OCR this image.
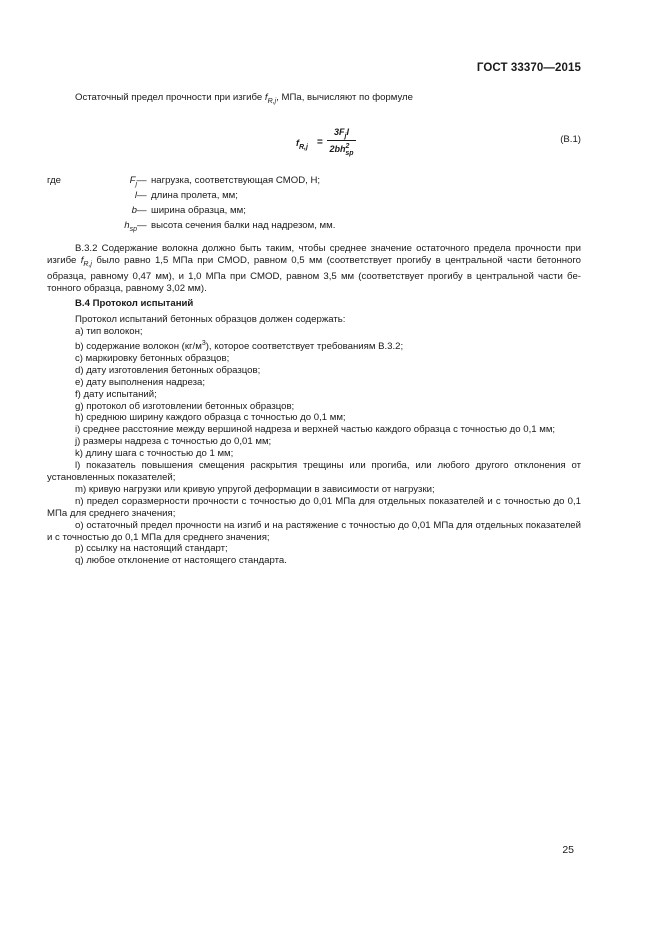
ГОСТ 33370—2015
Остаточный предел прочности при изгибе $f_{R,j}$, МПа, вычисляют по формуле
$f_{R,j}$ =
$3F_jl$
$2bh^2_{sp}$
(В.1)
где	$F_j$ — нагрузка, соответствующая CMOD, Н;
l — длина пролета, мм;
b — ширина образца, мм;
$h_{sp}$ — высота сечения балки над надрезом, мм.
В.3.2 Содержание волокна должно быть таким, чтобы среднее значение остаточного предела прочности при изгибе $f_{R,j}$ было равно 1,5 МПа при CMOD, равном 0,5 мм (соответствует прогибу в центральной части бетонного образца, равному 0,47 мм), и 1,0 МПа при CMOD, равном 3,5 мм (соответствует прогибу в центральной части бетонного образца, равному 3,02 мм).
В.4 Протокол испытаний
Протокол испытаний бетонных образцов должен содержать:
a) тип волокон;
b) содержание волокон $(кг/м^3)$, которое соответствует требованиям В.3.2;
c) маркировку бетонных образцов;
d) дату изготовления бетонных образцов;
e) дату выполнения надреза;
f) дату испытаний;
g) протокол об изготовлении бетонных образцов;
h) среднюю ширину каждого образца с точностью до 0,1 мм;
i) среднее расстояние между вершиной надреза и верхней частью каждого образца с точностью до 0,1 мм;
j) размеры надреза с точностью до 0,01 мм;
k) длину шага с точностью до 1 мм;
l) показатель повышения смещения раскрытия трещины или прогиба, или любого другого отклонения от установленных показателей;
m) кривую нагрузки или кривую упругой деформации в зависимости от нагрузки;
n) предел соразмерности прочности с точностью до 0,01 МПа для отдельных показателей и с точностью до 0,1 МПа для среднего значения;
o) остаточный предел прочности на изгиб и на растяжение с точностью до 0,01 МПа для отдельных показателей и с точностью до 0,1 МПа для среднего значения;
p) ссылку на настоящий стандарт;
q) любое отклонение от настоящего стандарта.
25
